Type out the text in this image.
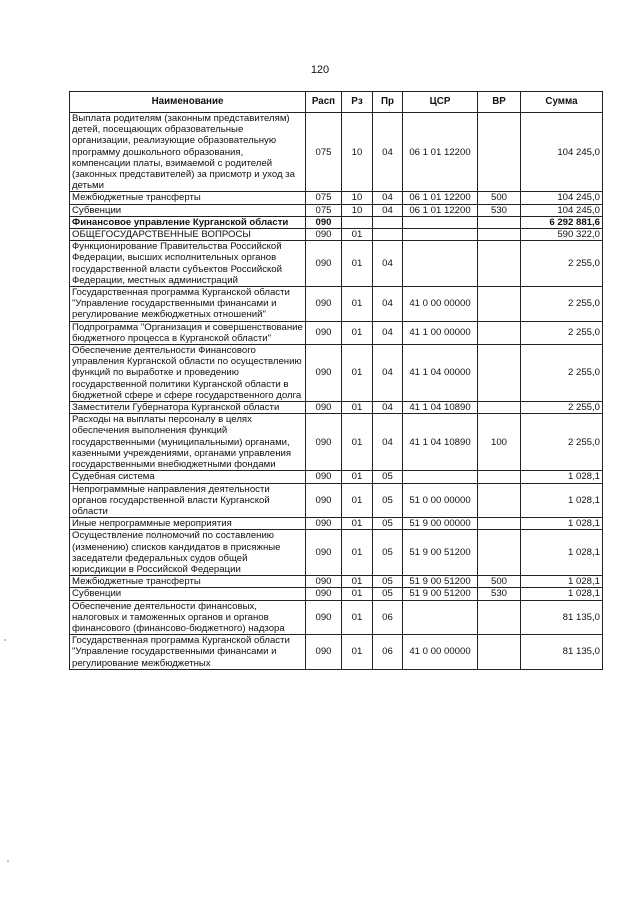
120
Наименование	Расп	Рз	Пр	ЦСР	ВР	Сумма
Выплата родителям (законным представителям) детей, посещающих образовательные организации, реализующие образовательную программу дошкольного образования, компенсации платы, взимаемой с родителей (законных представителей) за присмотр и уход за детьми	075	10	04	06 1 01 12200		104 245,0
Межбюджетные трансферты	075	10	04	06 1 01 12200	500	104 245,0
Субвенции	075	10	04	06 1 01 12200	530	104 245,0
Финансовое управление Курганской области	090					6 292 881,6
ОБЩЕГОСУДАРСТВЕННЫЕ ВОПРОСЫ	090	01				590 322,0
Функционирование Правительства Российской Федерации, высших исполнительных органов государственной власти субъектов Российской Федерации, местных администраций	090	01	04			2 255,0
Государственная программа Курганской области "Управление государственными финансами и регулирование межбюджетных отношений"	090	01	04	41 0 00 00000		2 255,0
Подпрограмма "Организация и совершенствование бюджетного процесса в Курганской области"	090	01	04	41 1 00 00000		2 255,0
Обеспечение деятельности Финансового управления Курганской области по осуществлению функций по выработке и проведению государственной политики Курганской области в бюджетной сфере и сфере государственного долга	090	01	04	41 1 04 00000		2 255,0
Заместители Губернатора Курганской области	090	01	04	41 1 04 10890		2 255,0
Расходы на выплаты персоналу в целях обеспечения выполнения функций государственными (муниципальными) органами, казенными учреждениями, органами управления государственными внебюджетными фондами	090	01	04	41 1 04 10890	100	2 255,0
Судебная система	090	01	05			1 028,1
Непрограммные направления деятельности органов государственной власти Курганской области	090	01	05	51 0 00 00000		1 028,1
Иные непрограммные мероприятия	090	01	05	51 9 00 00000		1 028,1
Осуществление полномочий по составлению (изменению) списков кандидатов в присяжные заседатели федеральных судов общей юрисдикции в Российской Федерации	090	01	05	51 9 00 51200		1 028,1
Межбюджетные трансферты	090	01	05	51 9 00 51200	500	1 028,1
Субвенции	090	01	05	51 9 00 51200	530	1 028,1
Обеспечение деятельности финансовых, налоговых и таможенных органов и органов финансового (финансово-бюджетного) надзора	090	01	06			81 135,0
Государственная программа Курганской области "Управление государственными финансами и регулирование межбюджетных	090	01	06	41 0 00 00000		81 135,0
